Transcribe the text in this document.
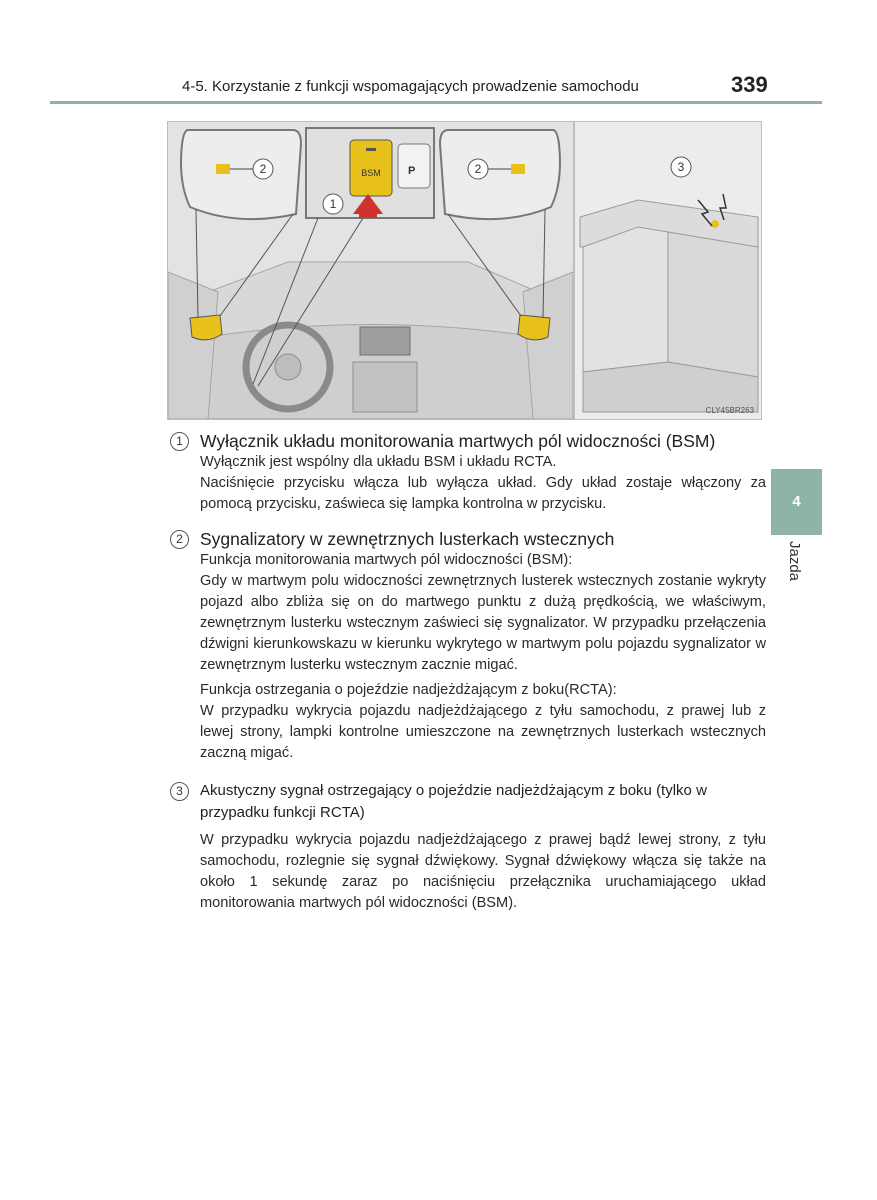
4-5. Korzystanie z funkcji wspomagających prowadzenie samochodu	339
BSM P
1
2	2	3
CLY45BR263
4
Jazda
1 Wyłącznik układu monitorowania martwych pól widoczności (BSM)

Wyłącznik jest wspólny dla układu BSM i układu RCTA.

Naciśnięcie przycisku włącza lub wyłącza układ. Gdy układ zostaje włączony za pomocą przycisku, zaświeca się lampka kontrolna w przycisku.

2 Sygnalizatory w zewnętrznych lusterkach wstecznych

Funkcja monitorowania martwych pól widoczności (BSM):

Gdy w martwym polu widoczności zewnętrznych lusterek wstecznych zostanie wykryty pojazd albo zbliża się on do martwego punktu z dużą prędkością, we właściwym, zewnętrznym lusterku wstecznym zaświeci się sygnalizator. W przypadku przełączenia dźwigni kierunkowskazu w kierunku wykrytego w martwym polu pojazdu sygnalizator w zewnętrznym lusterku wstecznym zacznie migać.

Funkcja ostrzegania o pojeździe nadjeżdżającym z boku(RCTA):

W przypadku wykrycia pojazdu nadjeżdżającego z tyłu samochodu, z prawej lub z lewej strony, lampki kontrolne umieszczone na zewnętrznych lusterkach wstecznych zaczną migać.

3	Akustyczny sygnał ostrzegający o pojeździe nadjeżdżającym z boku (tylko w przypadku funkcji RCTA)

W przypadku wykrycia pojazdu nadjeżdżającego z prawej bądź lewej strony, z tyłu samochodu, rozlegnie się sygnał dźwiękowy. Sygnał dźwiękowy włącza się także na około 1 sekundę zaraz po naciśnięciu przełącznika uruchamiającego układ monitorowania martwych pól widoczności (BSM).
